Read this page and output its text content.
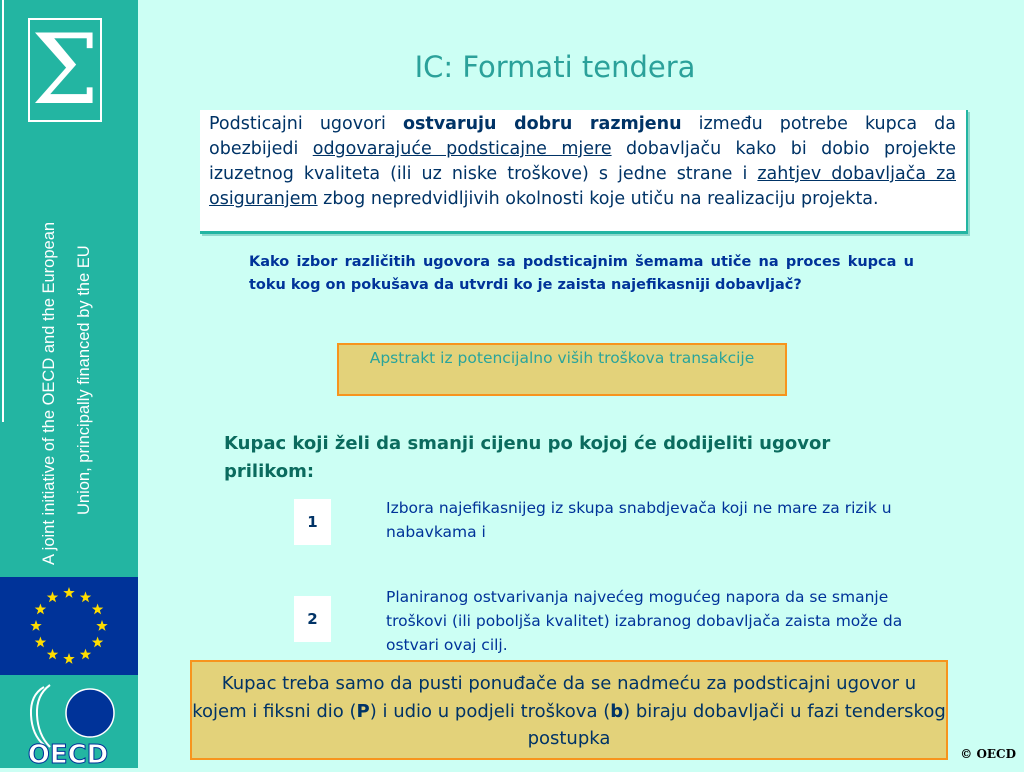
Σ
A joint initiative of the OECD and the European Union, principally financed by the EU
OECD
IC: Formati tendera
Podsticajni ugovori ostvaruju dobru razmjenu između potrebe kupca da obezbijedi odgovarajuće podsticajne mjere dobavljaču kako bi dobio projekte izuzetnog kvaliteta (ili uz niske troškove) s jedne strane i zahtjev dobavljača za osiguranjem zbog nepredvidljivih okolnosti koje utiču na realizaciju projekta.
Kako izbor različitih ugovora sa podsticajnim šemama utiče na proces kupca u toku kog on pokušava da utvrdi ko je zaista najefikasniji dobavljač?
Apstrakt iz potencijalno viših troškova transakcije
Kupac koji želi da smanji cijenu po kojoj će dodijeliti ugovor prilikom:
1
Izbora najefikasnijeg iz skupa snabdjevača koji ne mare za rizik u nabavkama i
2
Planiranog ostvarivanja najvećeg mogućeg napora da se smanje troškovi (ili poboljša kvalitet) izabranog dobavljača zaista može da ostvari ovaj cilj.
Kupac treba samo da pusti ponuđače da se nadmeću za podsticajni ugovor u kojem i fiksni dio (P) i udio u podjeli troškova (b) biraju dobavljači u fazi tenderskog postupka
© OECD
